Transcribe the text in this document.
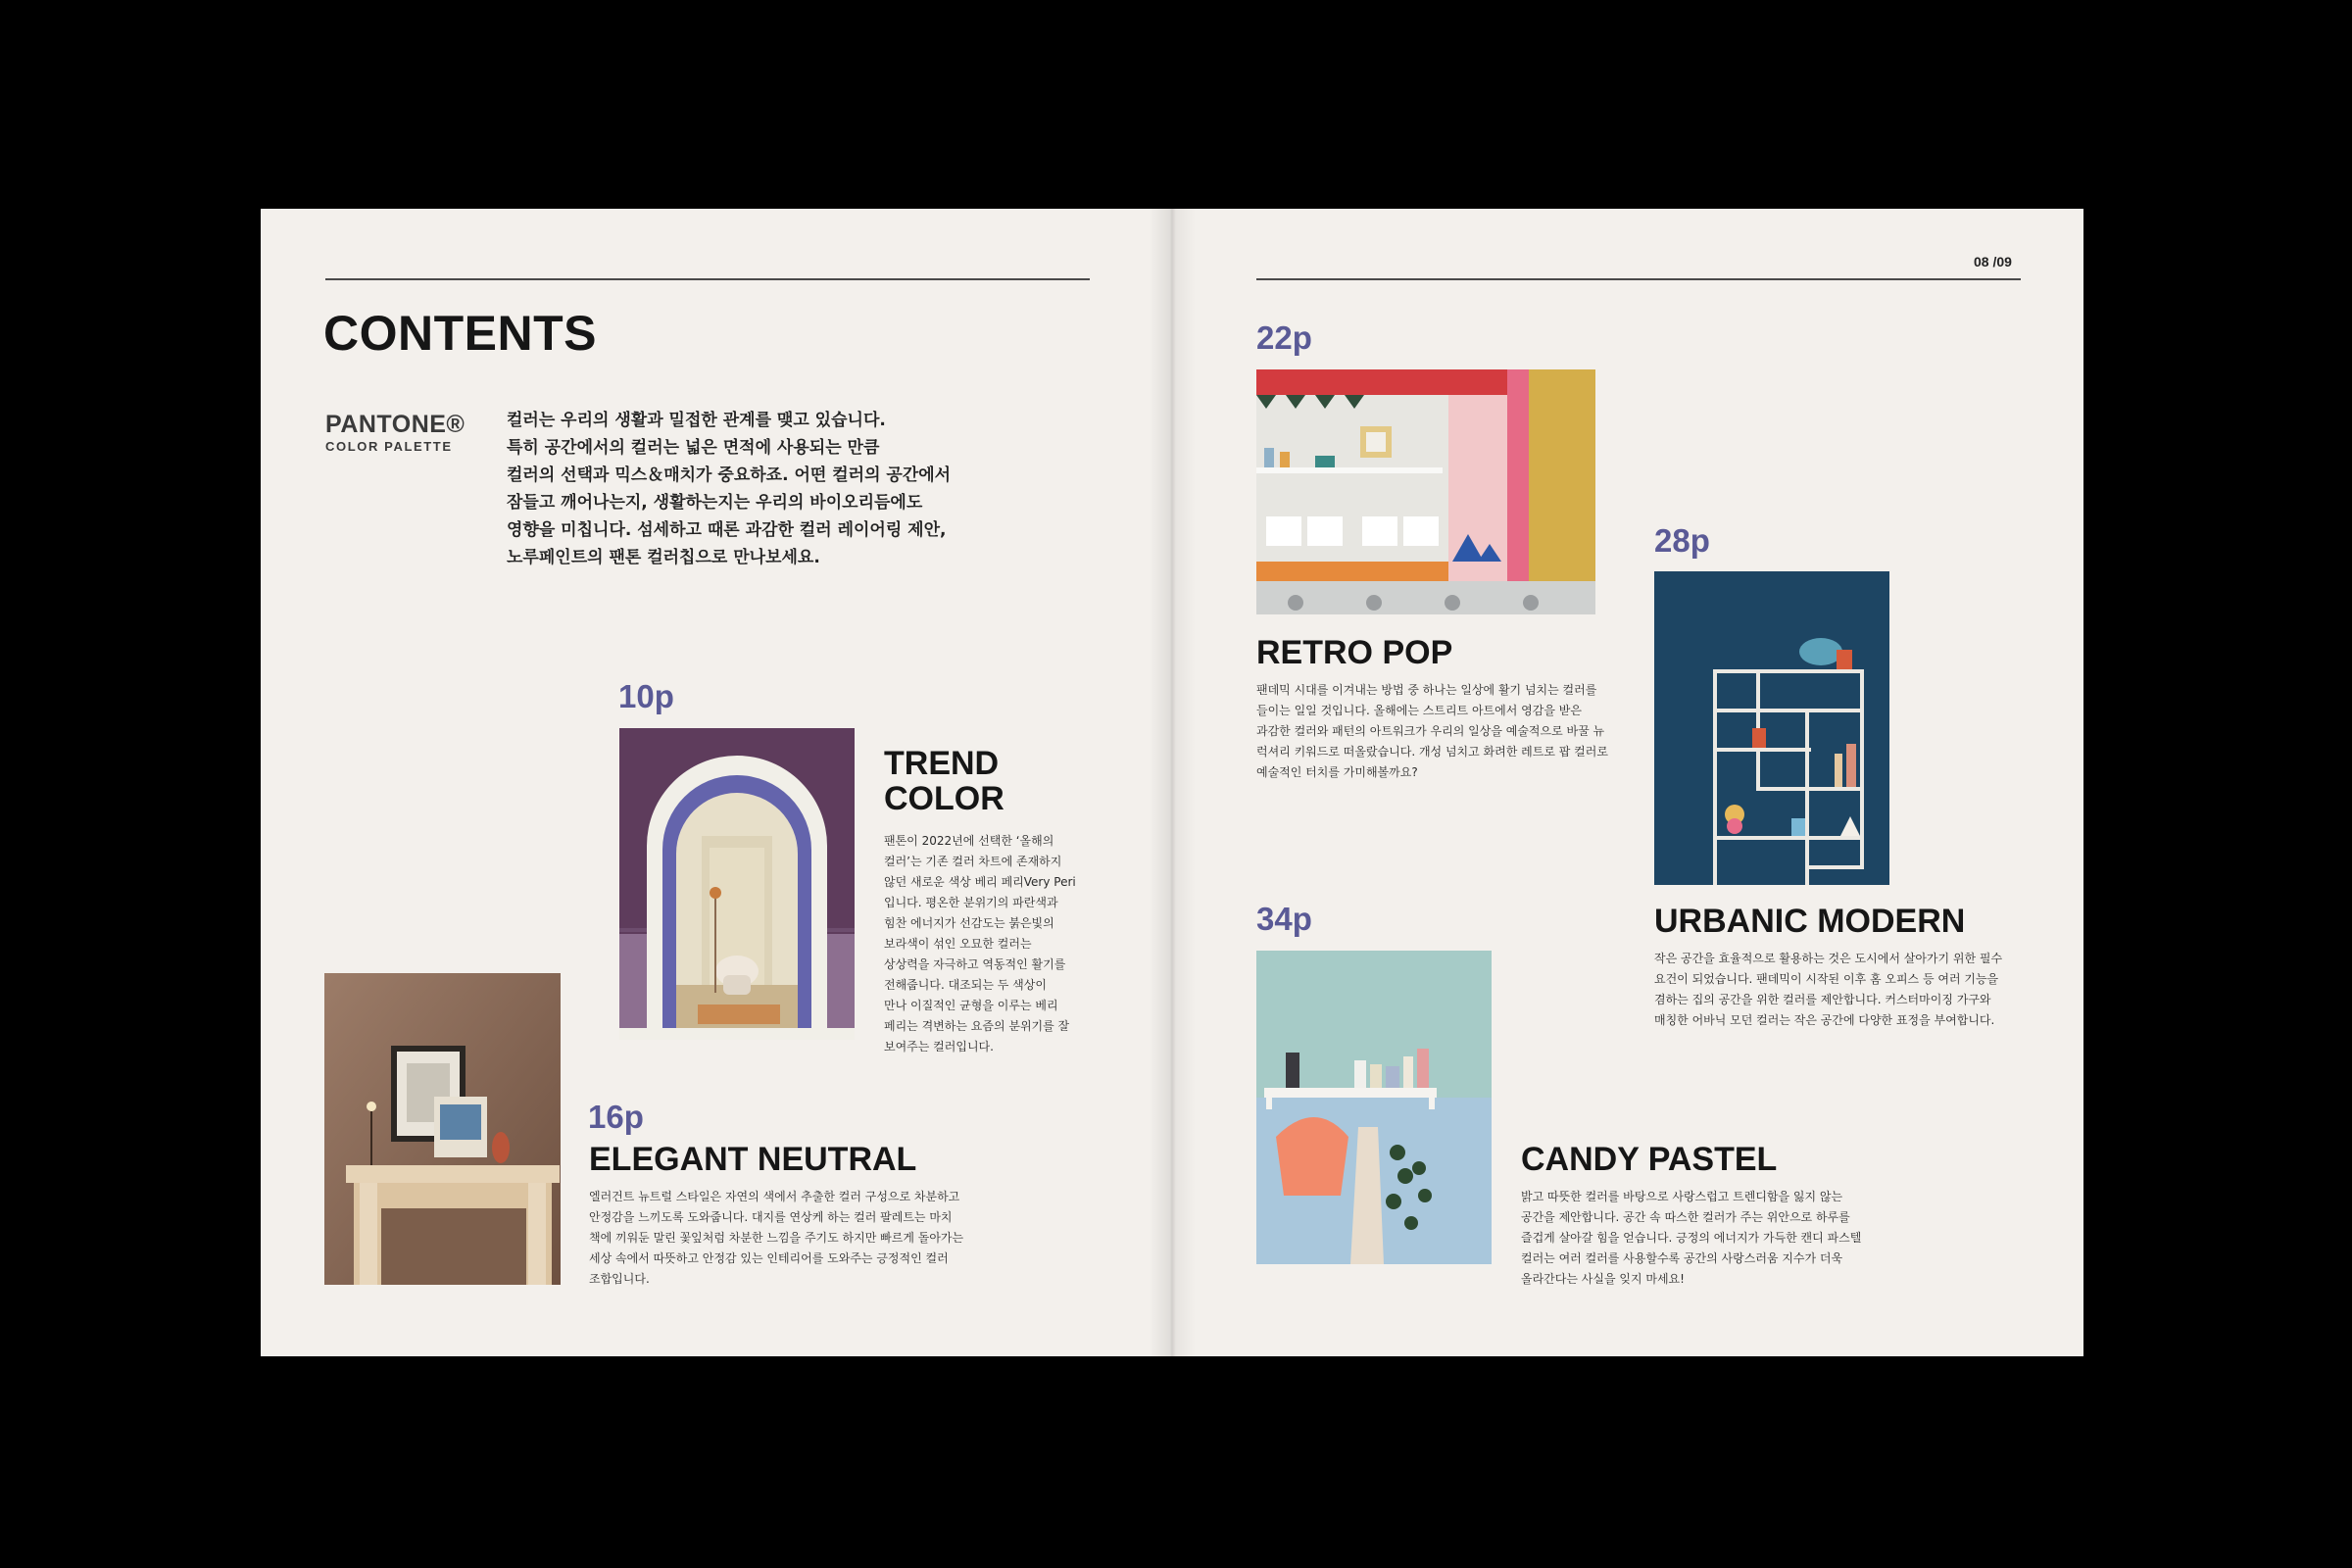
CONTENTS
PANTONE®
COLOR PALETTE
컬러는 우리의 생활과 밀접한 관계를 맺고 있습니다.
특히 공간에서의 컬러는 넓은 면적에 사용되는 만큼
컬러의 선택과 믹스＆매치가 중요하죠. 어떤 컬러의 공간에서
잠들고 깨어나는지, 생활하는지는 우리의 바이오리듬에도
영향을 미칩니다. 섬세하고 때론 과감한 컬러 레이어링 제안,
노루페인트의 팬톤 컬러칩으로 만나보세요.
10p
TREND
COLOR
팬톤이 2022년에 선택한 ‘올해의
컬러’는 기존 컬러 차트에 존재하지
않던 새로운 색상 베리 페리Very Peri
입니다. 평온한 분위기의 파란색과
힘찬 에너지가 선감도는 붉은빛의
보라색이 섞인 오묘한 컬러는
상상력을 자극하고 역동적인 활기를
전해줍니다. 대조되는 두 색상이
만나 이질적인 균형을 이루는 베리
페리는 격변하는 요즘의 분위기를 잘
보여주는 컬러입니다.
16p
ELEGANT NEUTRAL
엘러건트 뉴트럴 스타일은 자연의 색에서 추출한 컬러 구성으로 차분하고
안정감을 느끼도록 도와줍니다. 대지를 연상케 하는 컬러 팔레트는 마치
책에 끼워둔 말린 꽃잎처럼 차분한 느낌을 주기도 하지만 빠르게 돌아가는
세상 속에서 따뜻하고 안정감 있는 인테리어를 도와주는 긍정적인 컬러
조합입니다.
08 /09
22p
RETRO POP
팬데믹 시대를 이겨내는 방법 중 하나는 일상에 활기 넘치는 컬러를
들이는 일일 것입니다. 올해에는 스트리트 아트에서 영감을 받은
과감한 컬러와 패턴의 아트워크가 우리의 일상을 예술적으로 바꿀 뉴
럭셔리 키워드로 떠올랐습니다. 개성 넘치고 화려한 레트로 팝 컬러로
예술적인 터치를 가미해볼까요?
28p
URBANIC MODERN
작은 공간을 효율적으로 활용하는 것은 도시에서 살아가기 위한 필수
요건이 되었습니다. 팬데믹이 시작된 이후 홈 오피스 등 여러 기능을
겸하는 집의 공간을 위한 컬러를 제안합니다. 커스터마이징 가구와
매칭한 어바닉 모던 컬러는 작은 공간에 다양한 표정을 부여합니다.
34p
CANDY PASTEL
밝고 따뜻한 컬러를 바탕으로 사랑스럽고 트렌디함을 잃지 않는
공간을 제안합니다. 공간 속 따스한 컬러가 주는 위안으로 하루를
즐겁게 살아갈 힘을 얻습니다. 긍정의 에너지가 가득한 캔디 파스텔
컬러는 여러 컬러를 사용할수록 공간의 사랑스러움 지수가 더욱
올라간다는 사실을 잊지 마세요!
